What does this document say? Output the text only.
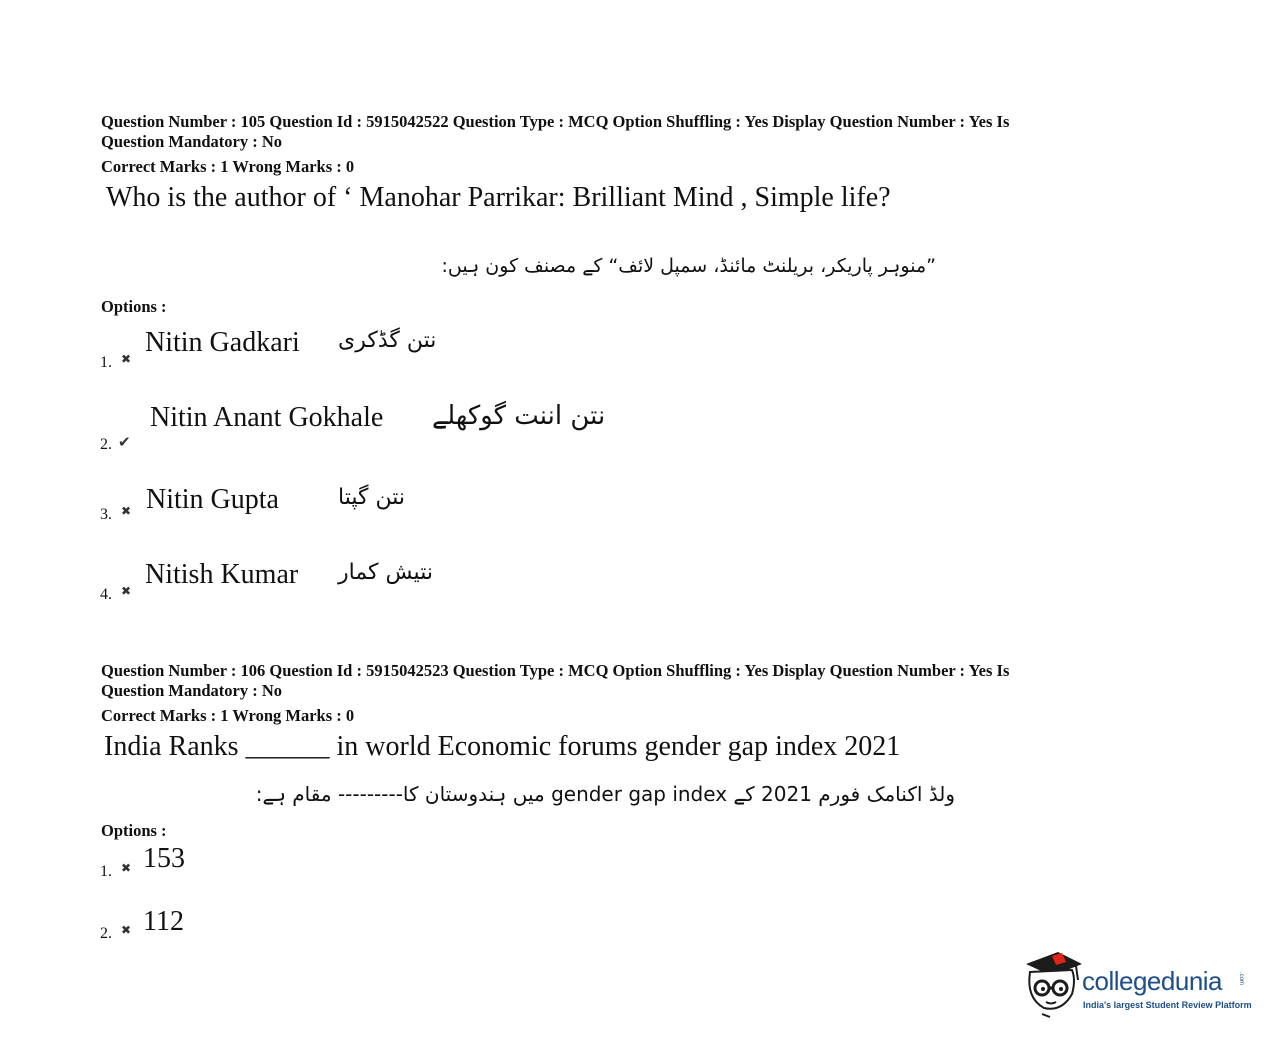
Question Number : 105 Question Id : 5915042522 Question Type : MCQ Option Shuffling : Yes Display Question Number : Yes Is
Question Mandatory : No
Correct Marks : 1 Wrong Marks : 0
Who is the author of ‘ Manohar Parrikar: Brilliant Mind , Simple life?
”منوہر پاریکر، بریلنٹ مائنڈ، سمپل لائف“ کے مصنف کون ہیں:
Options :
1. ✖
Nitin Gadkari نتن گڈکری
2. ✔
Nitin Anant Gokhale نتن اننت گوکھلے
3. ✖ Nitin Gupta	نتن گپتا
4. ✖
Nitish Kumar نتیش کمار
Question Number : 106 Question Id : 5915042523 Question Type : MCQ Option Shuffling : Yes Display Question Number : Yes Is
Question Mandatory : No
Correct Marks : 1 Wrong Marks : 0
India Ranks ______ in world Economic forums gender gap index 2021
ولڈ اکنامک فورم 2021 کے gender gap index میں ہندوستان کا--------- مقام ہے:
Options :
1. ✖ 153
2. ✖ 112
collegedunia	.com
India's largest Student Review Platform
